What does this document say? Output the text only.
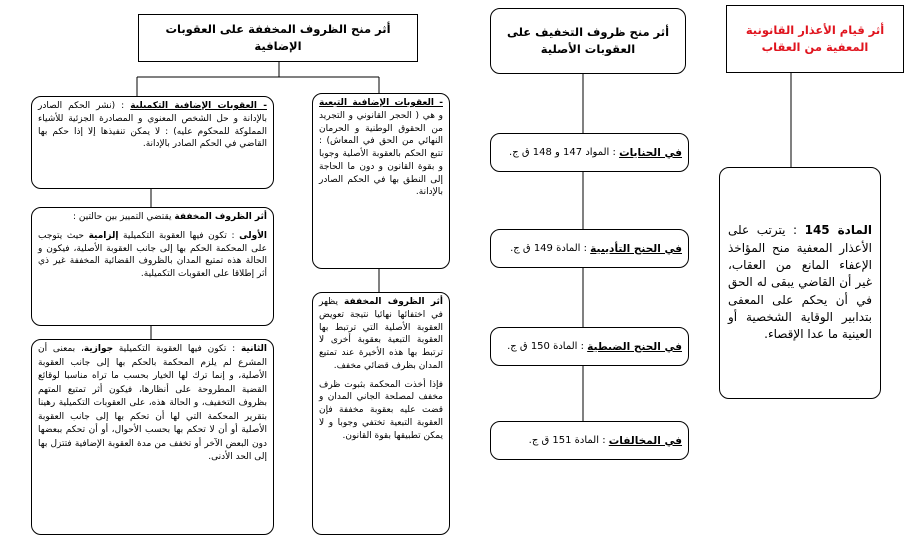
أثر قيام الأعذار القانونية المعفية من العقاب
المادة 145 : يترتب على الأعذار المعفية منح المؤاخذ الإعفاء المانع من العقاب، غير أن القاضي يبقى له الحق في أن يحكم على المعفى بتدابير الوقاية الشخصية أو العينية ما عدا الإقصاء.
أثر منح ظروف التخفيف على العقوبات الأصلية
في الجنايات

: المواد 147 و 148 ق ج.
في الجنح التأديبية

: المادة 149 ق ج.
في الجنح الضبطية

: المادة 150 ق ج.
في المخالفات

: المادة 151 ق ج.
أثر منح الظروف المخففة على العقوبات الإضافية
- العقوبات الإضافية التبعية و هي ( الحجر القانوني و التجريد من الحقوق الوطنية و الحرمان النهائي من الحق في المعاش) : تتبع الحكم بالعقوبة الأصلية وجوبا و بقوة القانون و دون ما الحاجة إلى النطق بها في الحكم الصادر بالإدانة.

أثر الظروف المخففة يظهر في اختفائها نهائيا نتيجة تعويض العقوبة الأصلية التي ترتبط بها العقوبة التبعية بعقوبة أخرى لا ترتبط بها هذه الأخيرة عند تمتيع المدان بظرف قضائي مخفف.

فإذا أخذت المحكمة بثبوت ظرف مخفف لمصلحة الجاني المدان و قضت عليه بعقوبة مخففة فإن العقوبة التبعية تختفي وجوبا و لا يمكن تطبيقها بقوة القانون.

- العقوبات الإضافية التكميلية : (نشر الحكم الصادر بالإدانة و حل الشخص المعنوي و المصادرة الجزئية للأشياء المملوكة للمحكوم عليه) : لا يمكن تنفيذها إلا إذا حكم بها القاضي في الحكم الصادر بالإدانة.

أثر الظروف المخففة يقتضي التمييز بين حالتين :

الأولى : تكون فيها العقوبة التكميلية إلزامية حيث يتوجب على المحكمة الحكم بها إلى جانب العقوبة الأصلية، فيكون و الحالة هذه تمتيع المدان بالظروف القضائية المخففة غير ذي أثر إطلاقا على العقوبات التكميلية.

الثانية : تكون فيها العقوبة التكميلية جوازية، بمعنى أن المشرع لم يلزم المحكمة بالحكم بها إلى جانب العقوبة الأصلية، و إنما ترك لها الخيار بحسب ما تراه مناسبا لوقائع القضية المطروحة على أنظارها، فيكون أثر تمتيع المتهم بظروف التخفيف، و الحالة هذه، على العقوبات التكميلية رهينا بتقرير المحكمة التي لها أن تحكم بها إلى جانب العقوبة الأصلية أو أن لا تحكم بها بحسب الأحوال، أو أن تحكم ببعضها دون البعض الآخر أو تخفف من مدة العقوبة الإضافية فتتزل بها إلى الحد الأدنى.
